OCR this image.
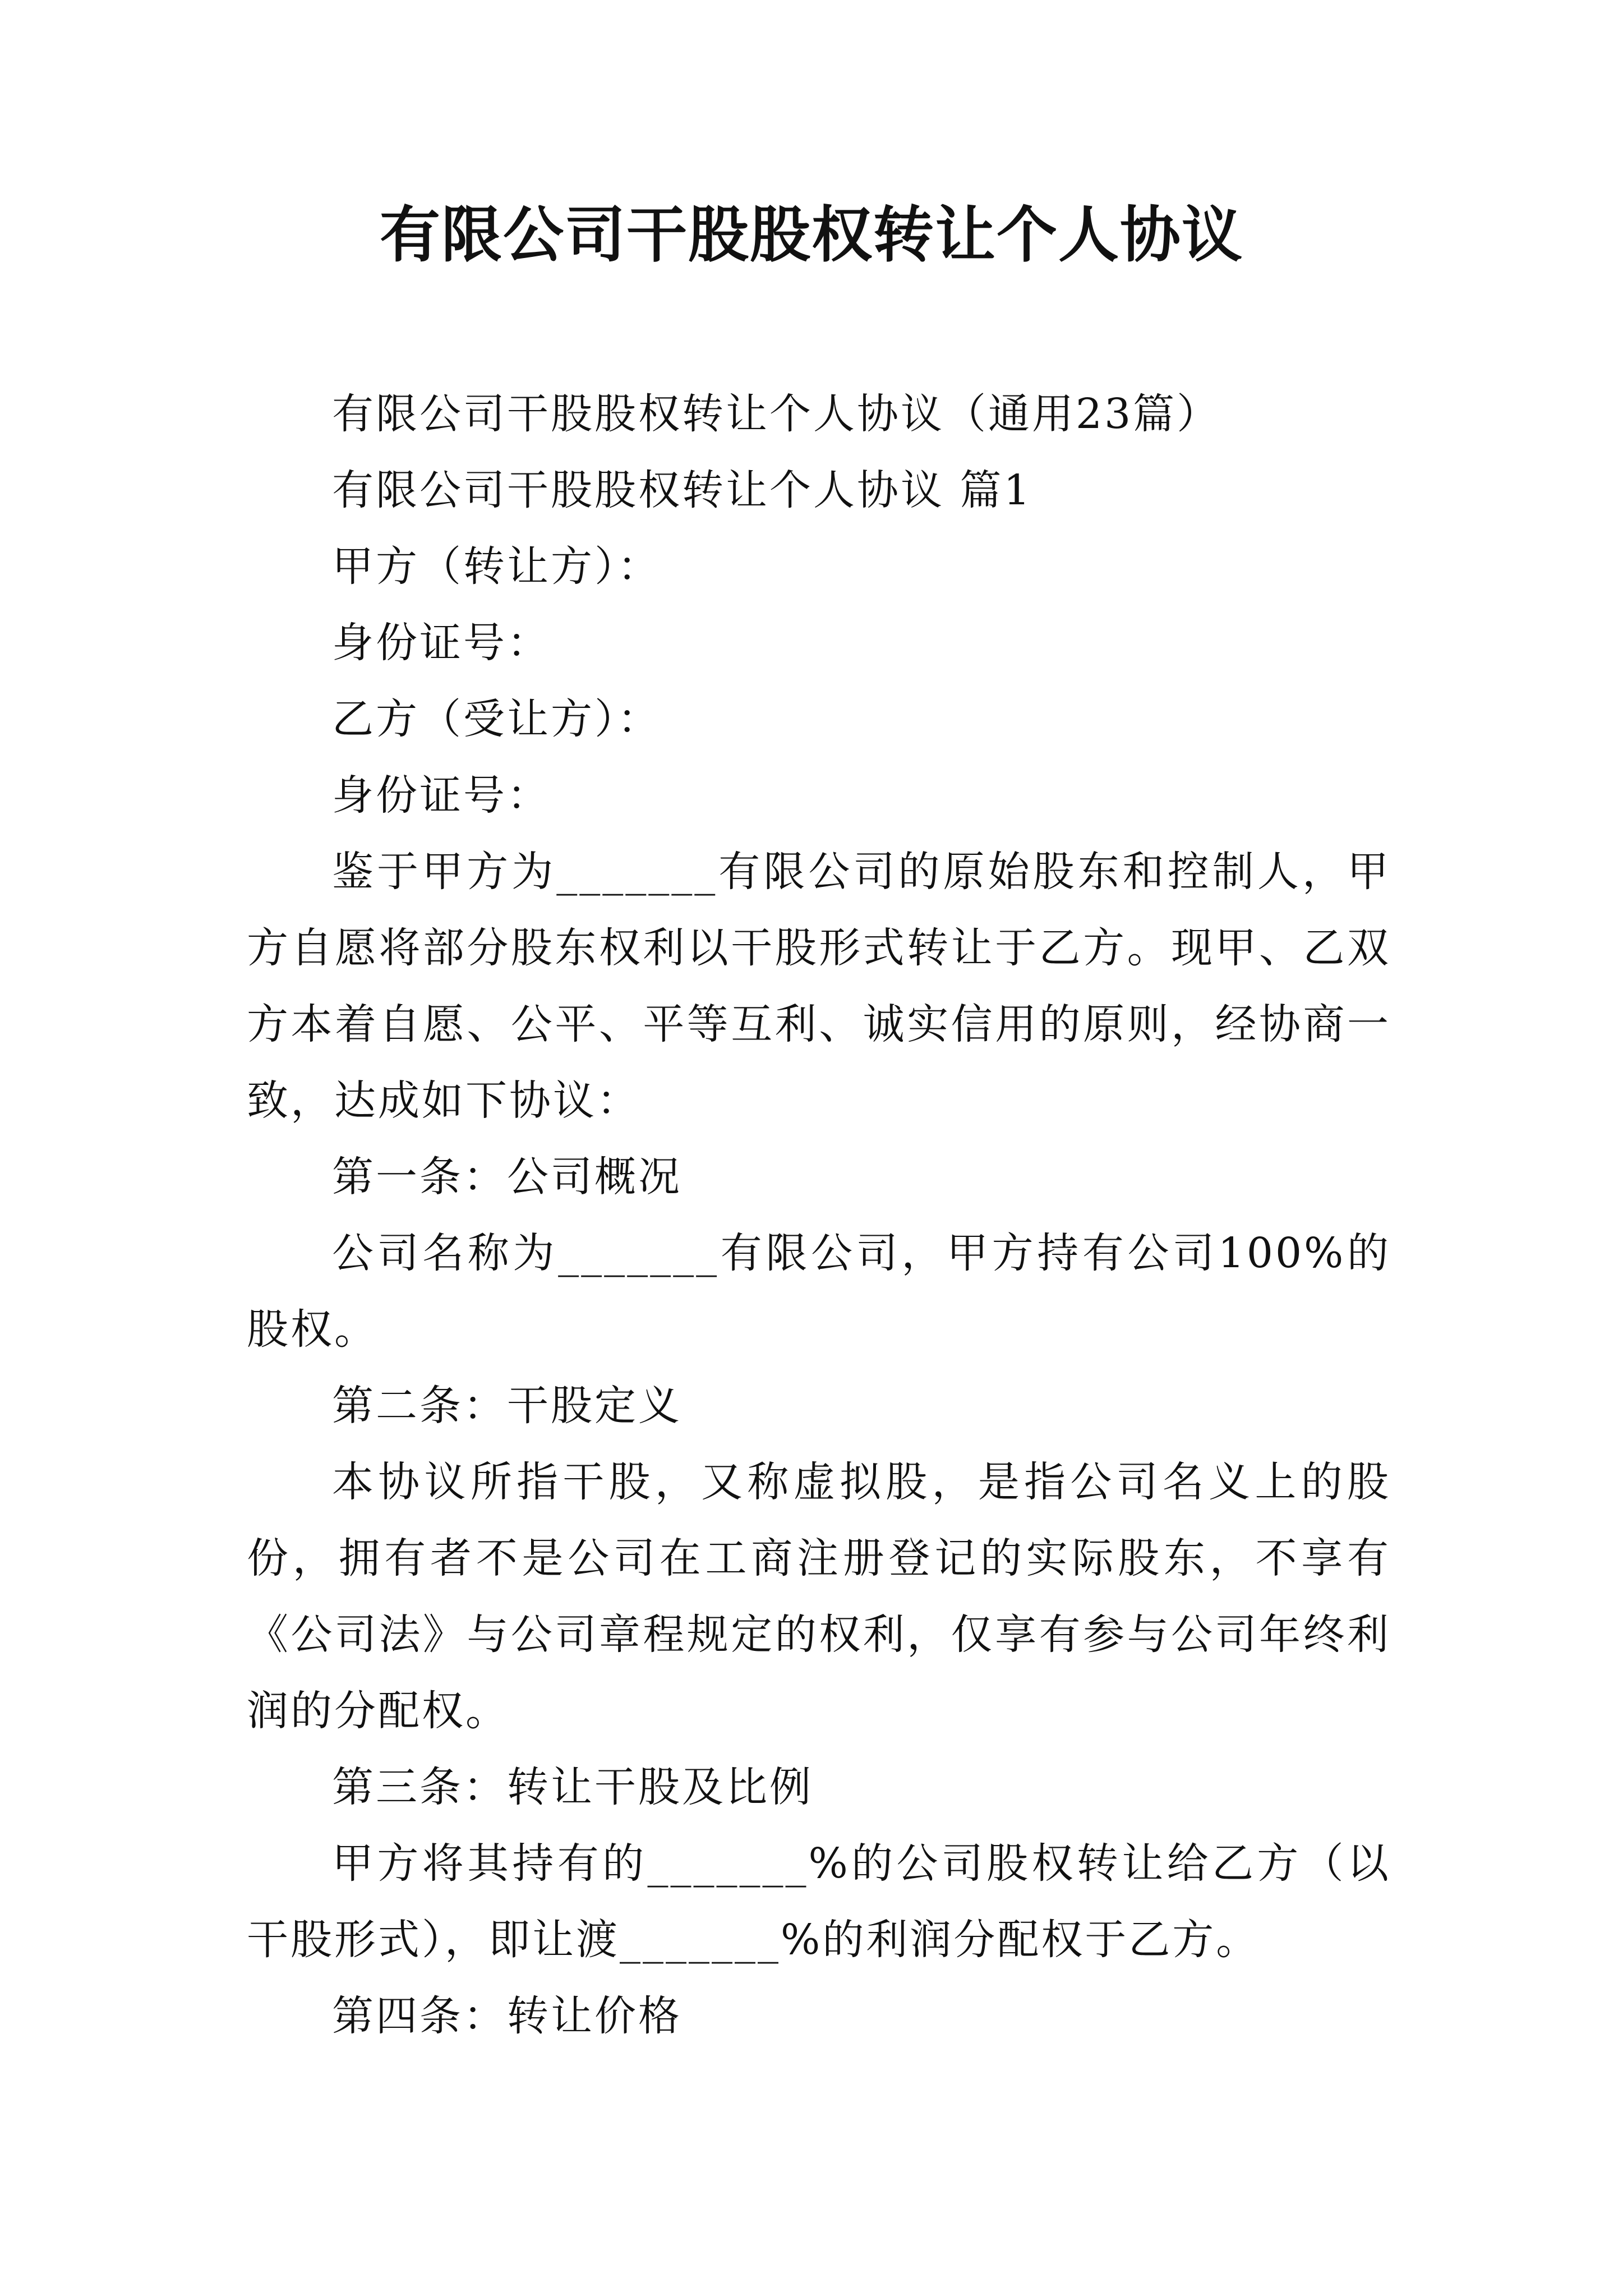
有限公司干股股权转让个人协议

有限公司干股股权转让个人协议（通用23篇）

有限公司干股股权转让个人协议 篇1

甲方（转让方）：

身份证号：

乙方（受让方）：

身份证号：

鉴于甲方为_______有限公司的原始股东和控制人，甲方自愿将部分股东权利以干股形式转让于乙方。现甲、乙双方本着自愿、公平、平等互利、诚实信用的原则，经协商一致，达成如下协议：

第一条：公司概况

公司名称为_______有限公司，甲方持有公司100%的股权。

第二条：干股定义

本协议所指干股，又称虚拟股，是指公司名义上的股份，拥有者不是公司在工商注册登记的实际股东，不享有《公司法》与公司章程规定的权利，仅享有参与公司年终利润的分配权。

第三条：转让干股及比例

甲方将其持有的_______%的公司股权转让给乙方（以干股形式），即让渡_______%的利润分配权于乙方。

第四条：转让价格
